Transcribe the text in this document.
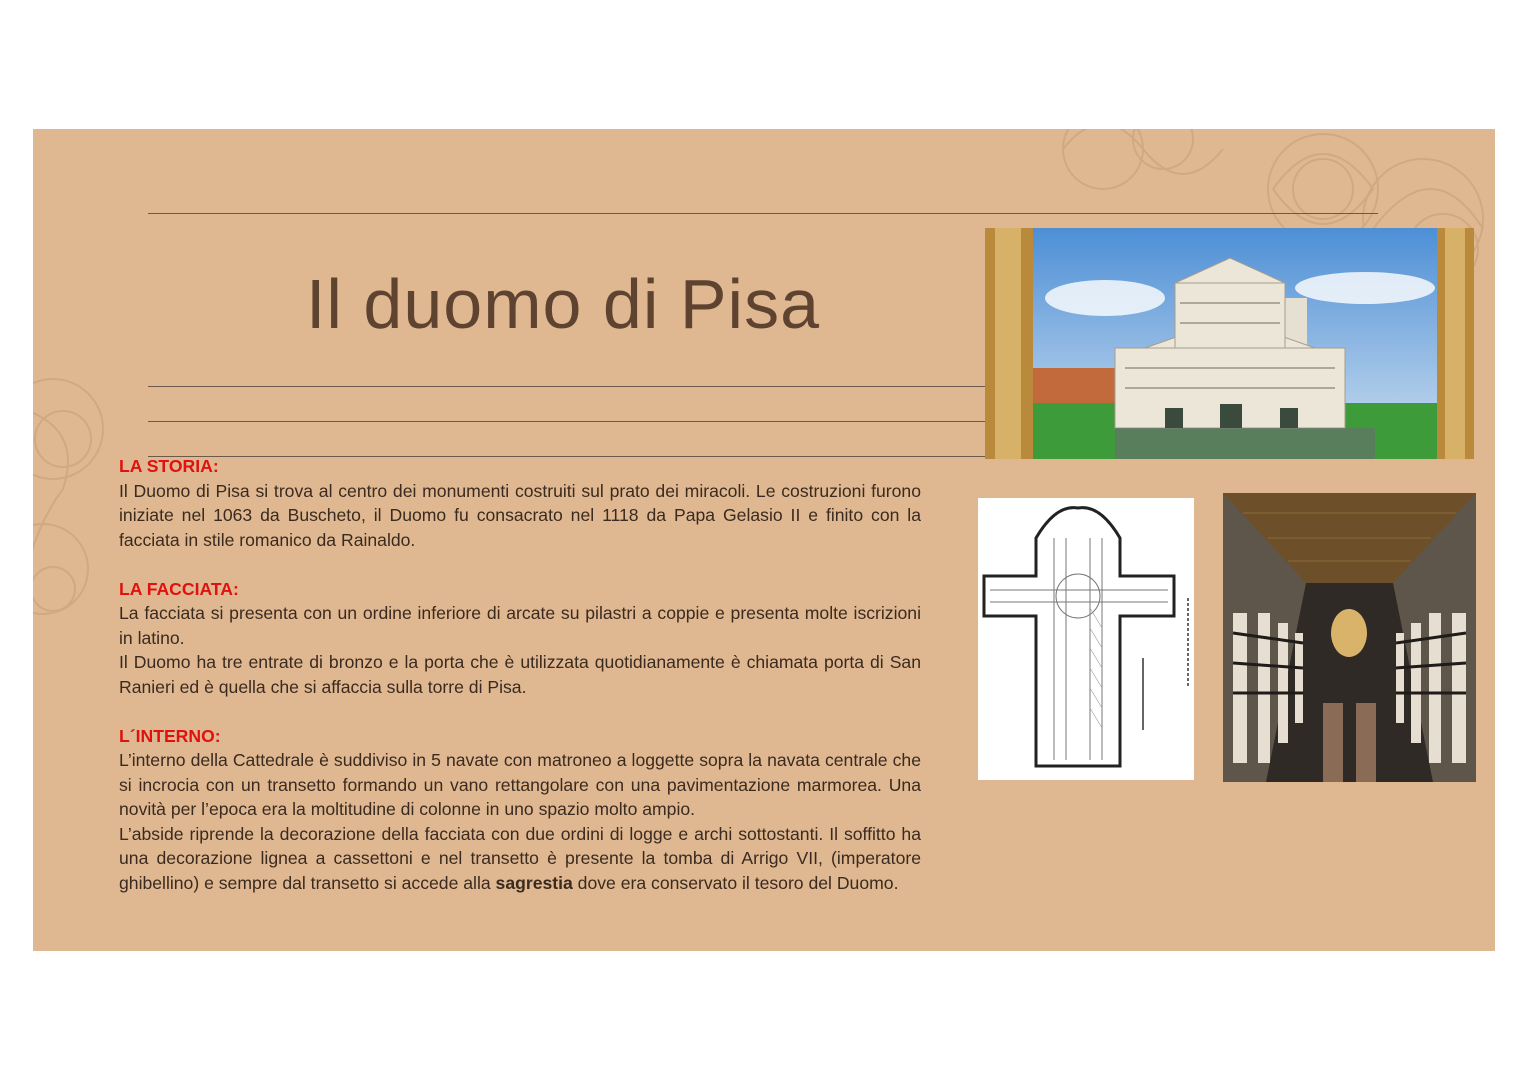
Il duomo di Pisa
LA STORIA:

Il Duomo di Pisa si trova al centro dei monumenti costruiti sul prato dei miracoli. Le costruzioni furono iniziate nel 1063 da Buscheto, il Duomo fu consacrato nel 1118 da Papa Gelasio II e finito con la facciata in stile romanico da Rainaldo.

LA FACCIATA:

La facciata si presenta con un ordine inferiore di arcate su pilastri a coppie e presenta molte iscrizioni in latino.

Il Duomo ha tre entrate di bronzo e la porta che è utilizzata quotidianamente è chiamata porta di San Ranieri ed è quella che si affaccia sulla torre di Pisa.

L´INTERNO:

L’interno della Cattedrale è suddiviso in 5 navate con matroneo a loggette sopra la navata centrale che si incrocia con un transetto formando un vano rettangolare con una pavimentazione marmorea. Una novità per l’epoca era la moltitudine di colonne in uno spazio molto ampio.

L’abside riprende la decorazione della facciata con due ordini di logge e archi sottostanti. Il soffitto ha una decorazione lignea a cassettoni e nel transetto è presente la tomba di Arrigo VII, (imperatore ghibellino) e sempre dal transetto si accede alla sagrestia dove era conservato il tesoro del Duomo.
